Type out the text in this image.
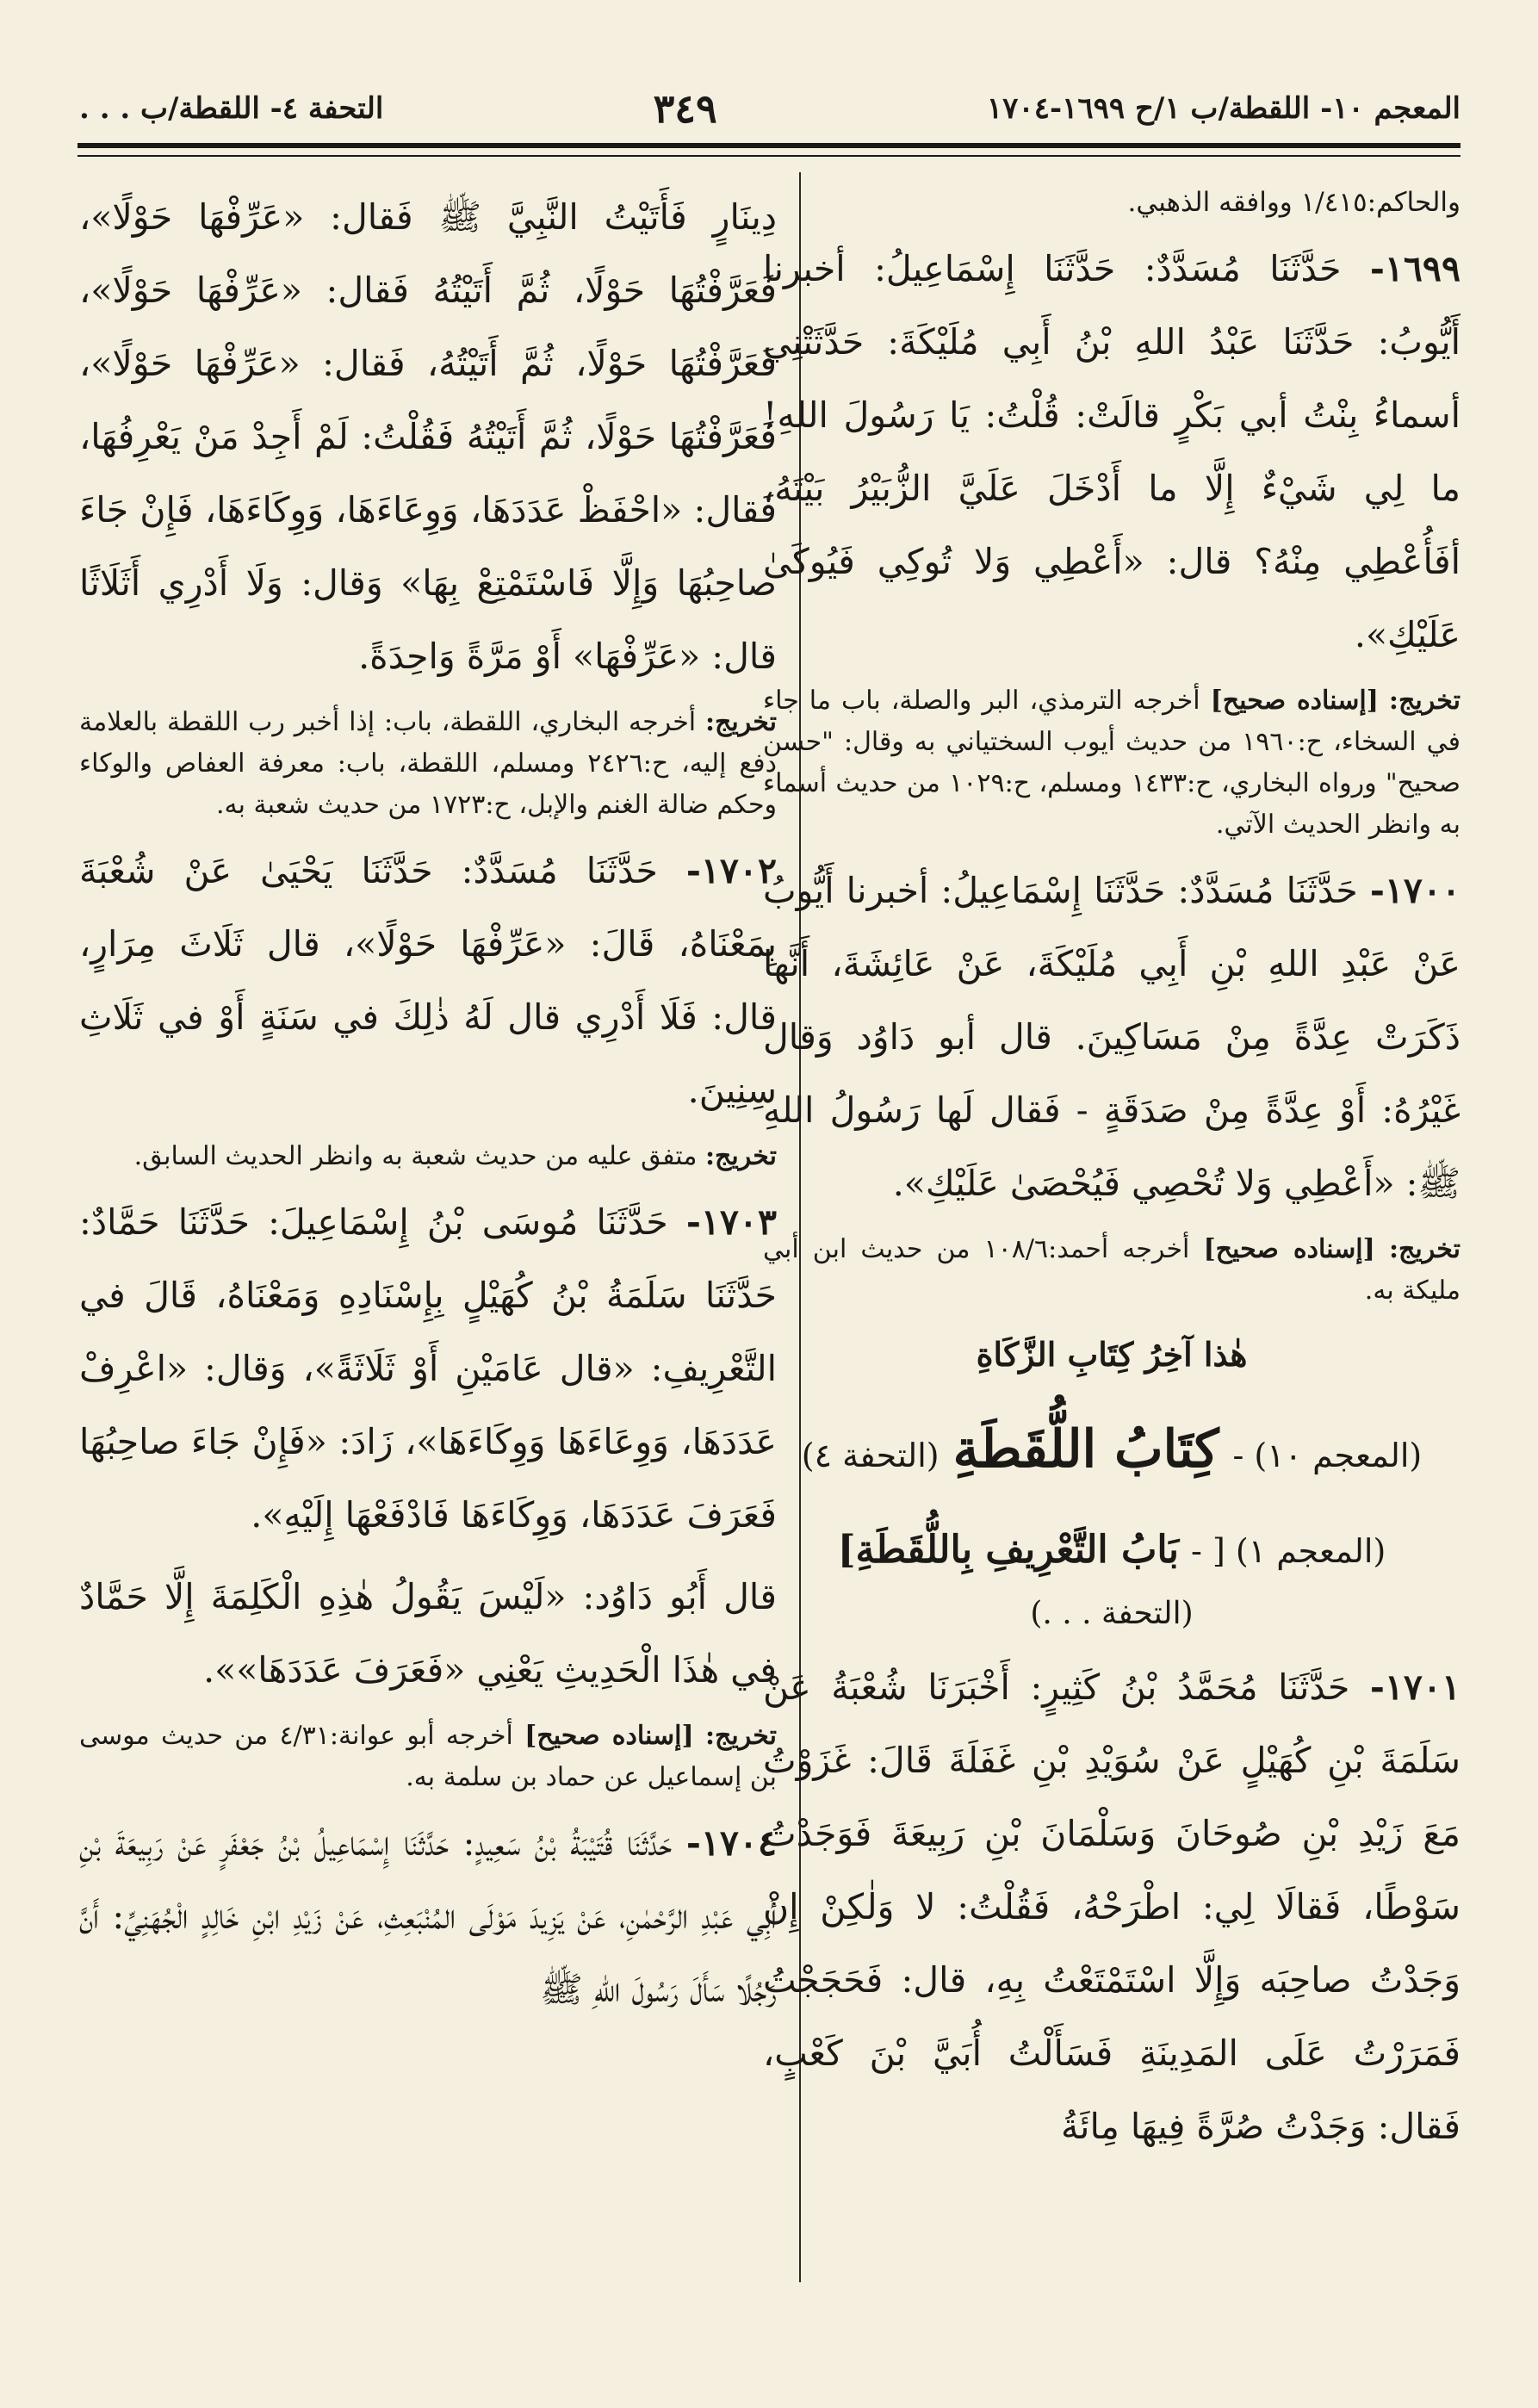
المعجم ١٠- اللقطة/ب ١/ح ١٦٩٩-١٧٠٤
٣٤٩
التحفة ٤- اللقطة/ب . . .

والحاكم:١/٤١٥ ووافقه الذهبي.

١٦٩٩- حَدَّثَنَا مُسَدَّدٌ: حَدَّثَنَا إِسْمَاعِيلُ: أخبرنا أَيُّوبُ: حَدَّثَنَا عَبْدُ اللهِ بْنُ أَبِي مُلَيْكَةَ: حَدَّثَتْنِي أسماءُ بِنْتُ أبي بَكْرٍ قالَتْ: قُلْتُ: يَا رَسُولَ اللهِ! ما لِي شَيْءٌ إِلَّا ما أَدْخَلَ عَلَيَّ الزُّبَيْرُ بَيْتَهُ، أفَأُعْطِي مِنْهُ؟ قال: «أَعْطِي وَلا تُوكِي فَيُوكَىٰ عَلَيْكِ».

تخريج: [إسناده صحيح] أخرجه الترمذي، البر والصلة، باب ما جاء في السخاء، ح:١٩٦٠ من حديث أيوب السختياني به وقال: "حسن صحيح" ورواه البخاري، ح:١٤٣٣ ومسلم، ح:١٠٢٩ من حديث أسماء به وانظر الحديث الآتي.

١٧٠٠- حَدَّثَنَا مُسَدَّدٌ: حَدَّثَنَا إِسْمَاعِيلُ: أخبرنا أَيُّوبُ عَنْ عَبْدِ اللهِ بْنِ أَبِي مُلَيْكَةَ، عَنْ عَائِشَةَ، أَنَّها ذَكَرَتْ عِدَّةً مِنْ مَسَاكِينَ. قال أبو دَاوُد وَقال غَيْرُهُ: أَوْ عِدَّةً مِنْ صَدَقَةٍ - فَقال لَها رَسُولُ اللهِ ﷺ: «أَعْطِي وَلا تُحْصِي فَيُحْصَىٰ عَلَيْكِ».

تخريج: [إسناده صحيح] أخرجه أحمد:١٠٨/٦ من حديث ابن أبي مليكة به.

هٰذا آخِرُ كِتَابِ الزَّكَاةِ
(المعجم ١٠) -
كِتَابُ اللُّقَطَةِ
(التحفة ٤)
(المعجم ١) [ -
بَابُ التَّعْرِيفِ بِاللُّقَطَةِ]
(التحفة . . .)

١٧٠١- حَدَّثَنَا مُحَمَّدُ بْنُ كَثِيرٍ: أَخْبَرَنَا شُعْبَةُ عَنْ سَلَمَةَ بْنِ كُهَيْلٍ عَنْ سُوَيْدِ بْنِ غَفَلَةَ قَالَ: غَزَوْتُ مَعَ زَيْدِ بْنِ صُوحَانَ وَسَلْمَانَ بْنِ رَبِيعَةَ فَوَجَدْتُ سَوْطًا، فَقالَا لِي: اطْرَحْهُ، فَقُلْتُ: لا وَلٰكِنْ إِنْ وَجَدْتُ صاحِبَه وَإِلَّا اسْتَمْتَعْتُ بِهِ، قال: فَحَجَجْتُ فَمَرَرْتُ عَلَى المَدِينَةِ فَسَأَلْتُ أُبَيَّ بْنَ كَعْبٍ، فَقال: وَجَدْتُ صُرَّةً فِيهَا مِائَةُ

دِينَارٍ فَأَتَيْتُ النَّبِيَّ ﷺ فَقال: «عَرِّفْهَا حَوْلًا»، فَعَرَّفْتُهَا حَوْلًا، ثُمَّ أَتَيْتُهُ فَقال: «عَرِّفْهَا حَوْلًا»، فَعَرَّفْتُهَا حَوْلًا، ثُمَّ أَتَيْتُهُ، فَقال: «عَرِّفْهَا حَوْلًا»، فَعَرَّفْتُهَا حَوْلًا، ثُمَّ أَتَيْتُهُ فَقُلْتُ: لَمْ أَجِدْ مَنْ يَعْرِفُهَا، فَقال: «احْفَظْ عَدَدَهَا، وَوِعَاءَهَا، وَوِكَاءَهَا، فَإِنْ جَاءَ صاحِبُهَا وَإِلَّا فَاسْتَمْتِعْ بِهَا» وَقال: وَلَا أَدْرِي أَثَلَاثًا قال: «عَرِّفْهَا» أَوْ مَرَّةً وَاحِدَةً.

تخريج: أخرجه البخاري، اللقطة، باب: إذا أخبر رب اللقطة بالعلامة دفع إليه، ح:٢٤٢٦ ومسلم، اللقطة، باب: معرفة العفاص والوكاء وحكم ضالة الغنم والإبل، ح:١٧٢٣ من حديث شعبة به.

١٧٠٢- حَدَّثَنَا مُسَدَّدٌ: حَدَّثَنَا يَحْيَىٰ عَنْ شُعْبَةَ بِمَعْنَاهُ، قَالَ: «عَرِّفْهَا حَوْلًا»، قال ثَلَاثَ مِرَارٍ، قال: فَلَا أَدْرِي قال لَهُ ذٰلِكَ في سَنَةٍ أَوْ في ثَلَاثِ سِنِينَ.

تخريج: متفق عليه من حديث شعبة به وانظر الحديث السابق.

١٧٠٣- حَدَّثَنَا مُوسَى بْنُ إِسْمَاعِيلَ: حَدَّثَنَا حَمَّادٌ: حَدَّثَنَا سَلَمَةُ بْنُ كُهَيْلٍ بِإِسْنَادِهِ وَمَعْنَاهُ، قَالَ في التَّعْرِيفِ: «قال عَامَيْنِ أَوْ ثَلَاثَةً»، وَقال: «اعْرِفْ عَدَدَهَا، وَوِعَاءَهَا وَوِكَاءَهَا»، زَادَ: «فَإِنْ جَاءَ صاحِبُهَا فَعَرَفَ عَدَدَهَا، وَوِكَاءَهَا فَادْفَعْهَا إِلَيْهِ».

قال أَبُو دَاوُد: «لَيْسَ يَقُولُ هٰذِهِ الْكَلِمَةَ إِلَّا حَمَّادٌ في هٰذَا الْحَدِيثِ يَعْنِي «فَعَرَفَ عَدَدَهَا»».

تخريج: [إسناده صحيح] أخرجه أبو عوانة:٤/٣١ من حديث موسى بن إسماعيل عن حماد بن سلمة به.

١٧٠٤- حَدَّثَنَا قُتَيْبَةُ بْنُ سَعِيدٍ: حَدَّثَنَا إِسْمَاعِيلُ بْنُ جَعْفَرٍ عَنْ رَبِيعَةَ بْنِ أَبِي عَبْدِ الرَّحْمٰنِ، عَنْ يَزِيدَ مَوْلَى المُنْبَعِثِ، عَنْ زَيْدِ ابْنِ خَالِدٍ الْجُهَنِيِّ: أَنَّ رَجُلًا سَأَلَ رَسُولَ اللهِ ﷺ
